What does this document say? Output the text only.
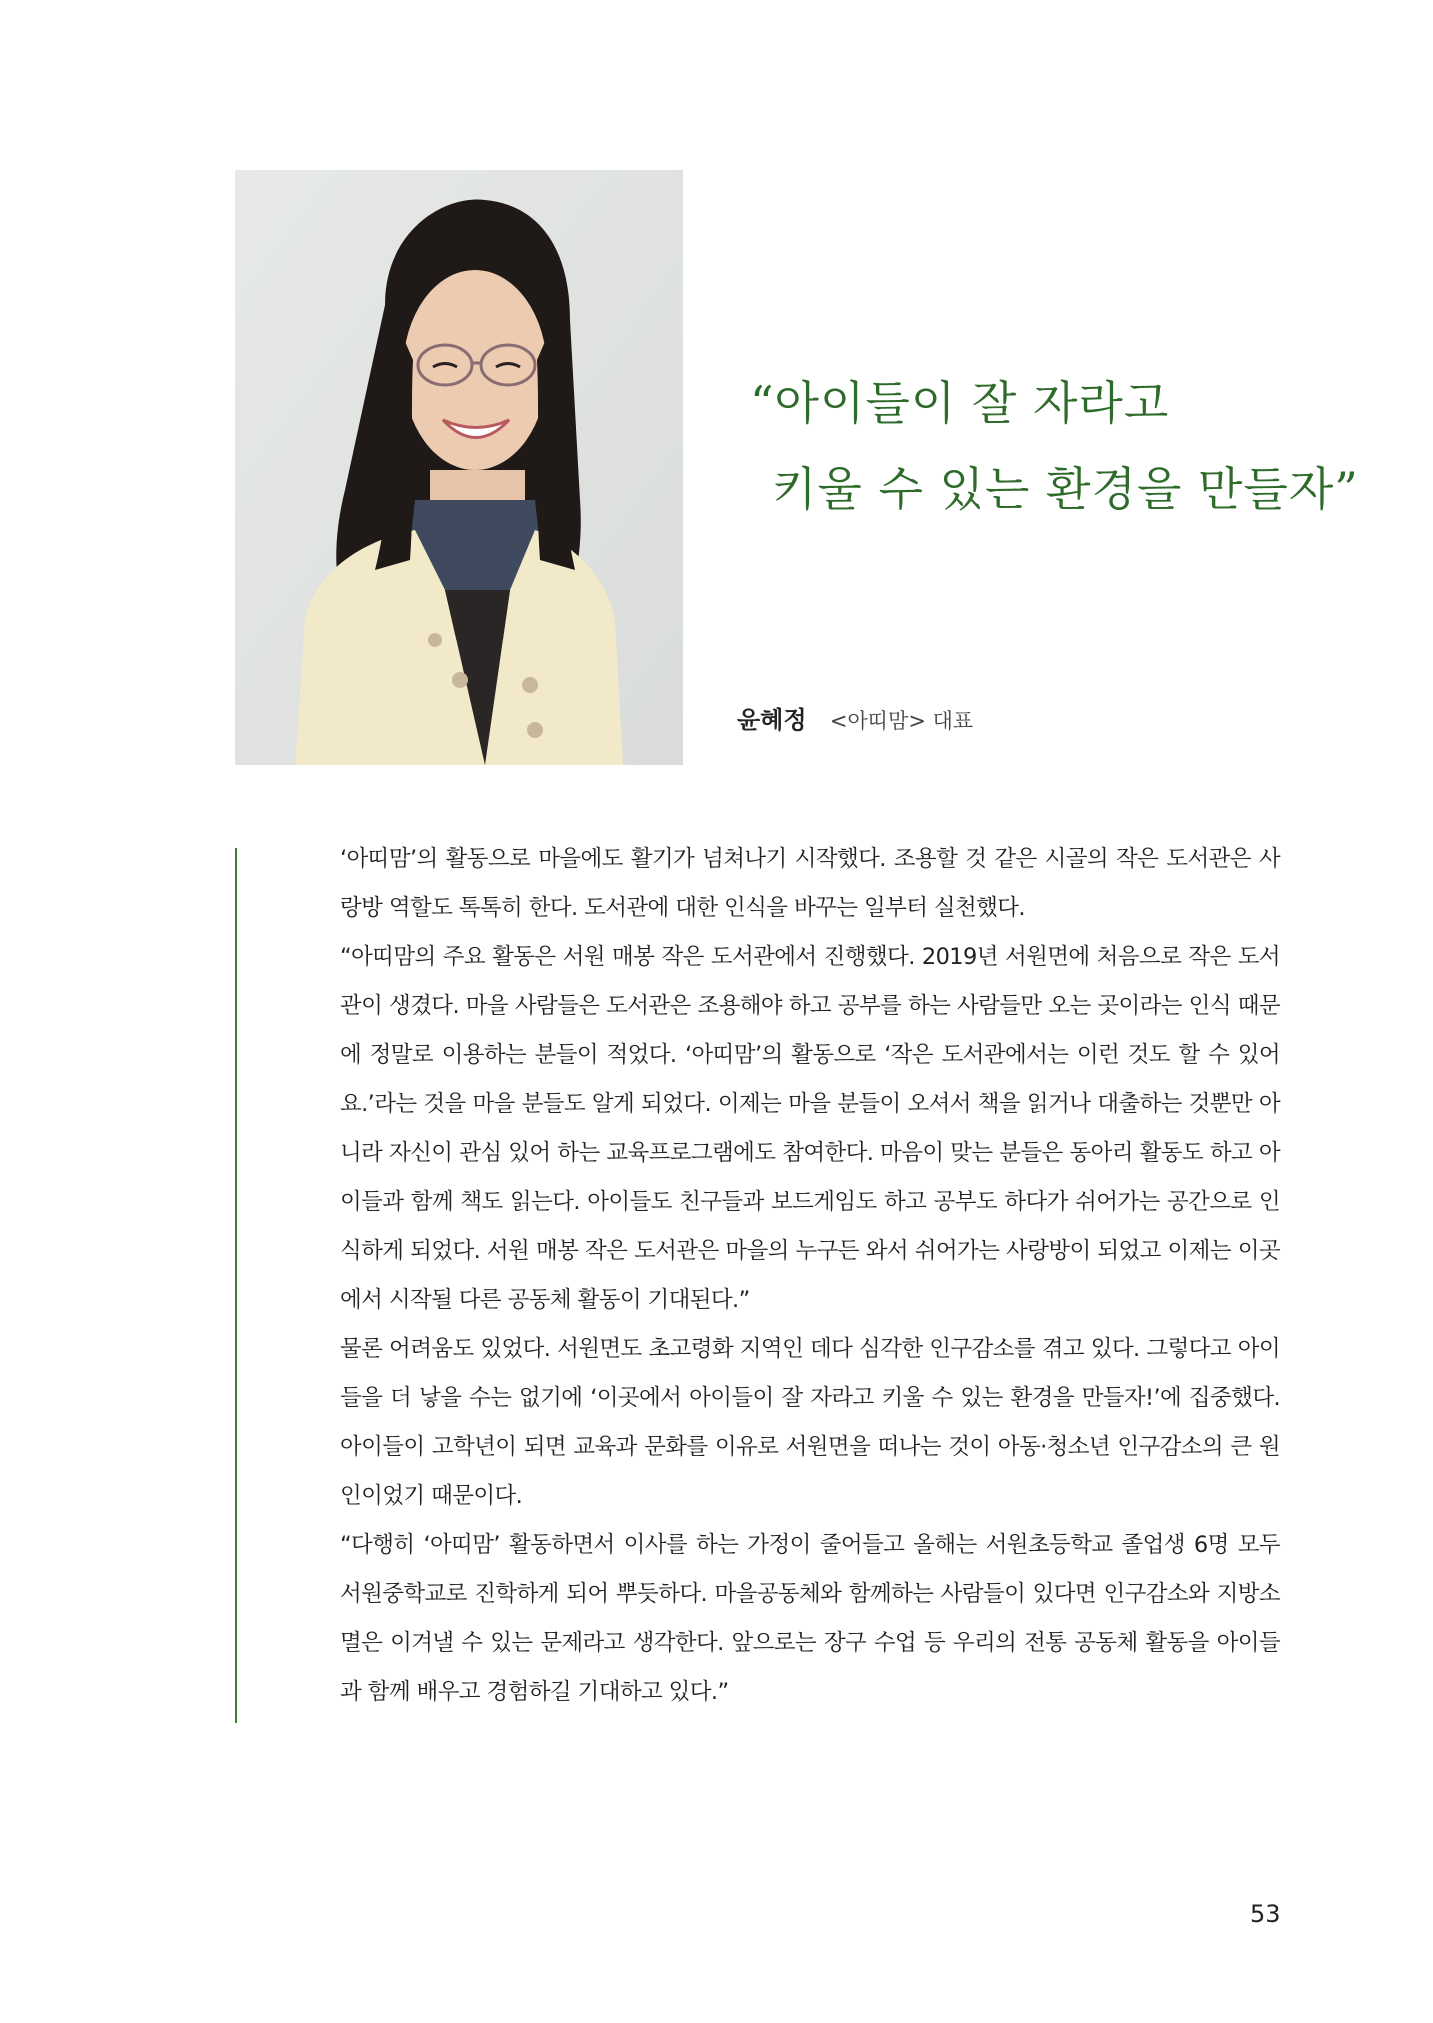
“아이들이 잘 자라고
키울 수 있는 환경을 만들자”
윤혜정 <아띠맘> 대표

‘아띠맘’의 활동으로 마을에도 활기가 넘쳐나기 시작했다. 조용할 것 같은 시골의 작은 도서관은 사랑방 역할도 톡톡히 한다. 도서관에 대한 인식을 바꾸는 일부터 실천했다.

“아띠맘의 주요 활동은 서원 매봉 작은 도서관에서 진행했다. 2019년 서원면에 처음으로 작은 도서관이 생겼다. 마을 사람들은 도서관은 조용해야 하고 공부를 하는 사람들만 오는 곳이라는 인식 때문에 정말로 이용하는 분들이 적었다. ‘아띠맘’의 활동으로 ‘작은 도서관에서는 이런 것도 할 수 있어요.’라는 것을 마을 분들도 알게 되었다. 이제는 마을 분들이 오셔서 책을 읽거나 대출하는 것뿐만 아니라 자신이 관심 있어 하는 교육프로그램에도 참여한다. 마음이 맞는 분들은 동아리 활동도 하고 아이들과 함께 책도 읽는다. 아이들도 친구들과 보드게임도 하고 공부도 하다가 쉬어가는 공간으로 인식하게 되었다. 서원 매봉 작은 도서관은 마을의 누구든 와서 쉬어가는 사랑방이 되었고 이제는 이곳에서 시작될 다른 공동체 활동이 기대된다.”

물론 어려움도 있었다. 서원면도 초고령화 지역인 데다 심각한 인구감소를 겪고 있다. 그렇다고 아이들을 더 낳을 수는 없기에 ‘이곳에서 아이들이 잘 자라고 키울 수 있는 환경을 만들자!’에 집중했다. 아이들이 고학년이 되면 교육과 문화를 이유로 서원면을 떠나는 것이 아동·청소년 인구감소의 큰 원인이었기 때문이다.

“다행히 ‘아띠맘’ 활동하면서 이사를 하는 가정이 줄어들고 올해는 서원초등학교 졸업생 6명 모두 서원중학교로 진학하게 되어 뿌듯하다. 마을공동체와 함께하는 사람들이 있다면 인구감소와 지방소멸은 이겨낼 수 있는 문제라고 생각한다. 앞으로는 장구 수업 등 우리의 전통 공동체 활동을 아이들과 함께 배우고 경험하길 기대하고 있다.”

53
